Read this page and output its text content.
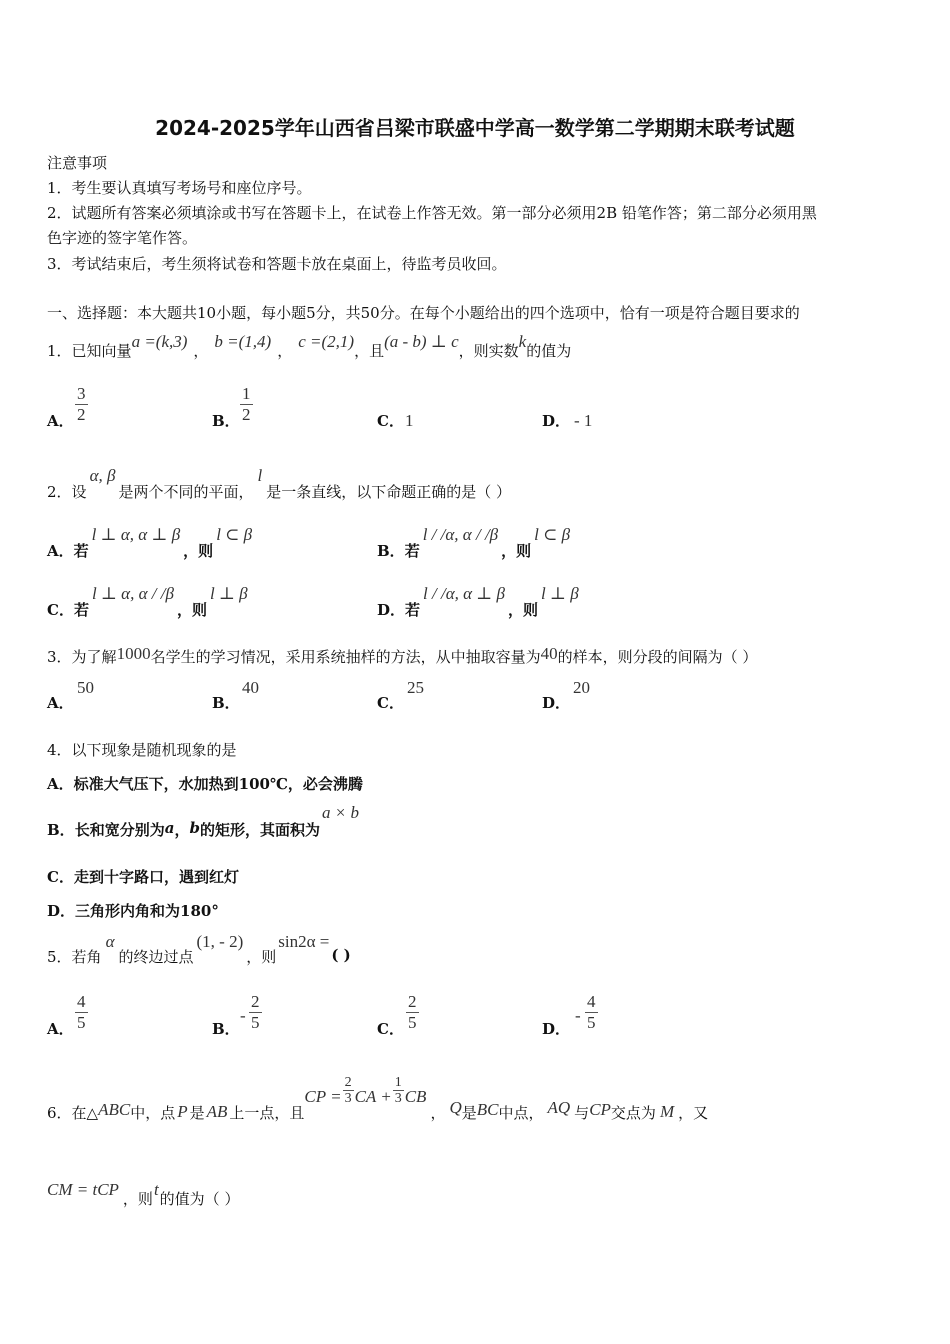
2024-2025学年山西省吕梁市联盛中学高一数学第二学期期末联考试题
注意事项
1．考生要认真填写考场号和座位序号。
2．试题所有答案必须填涂或书写在答题卡上，在试卷上作答无效。第一部分必须用2B 铅笔作答；第二部分必须用黑
色字迹的签字笔作答。
3．考试结束后，考生须将试卷和答题卡放在桌面上，待监考员收回。
一、选择题：本大题共10小题，每小题5分，共50分。在每个小题给出的四个选项中，恰有一项是符合题目要求的
1． 已知向量 a =(k,3) ， b =(1,4) ， c =(2,1) ，且 (a - b) ⊥ c ，则实数 k 的值为
A． $\frac{3}{2}$	B． $\frac{1}{2}$	C． 1	D． - 1
2． 设
α, β
是两个不同的平面，
l
是一条直线，以下命题正确的是（ ）
A． 若
l ⊥ α, α ⊥ β
，则
l ⊂ β
B． 若
l / /α, α / /β
，则
l ⊂ β
C． 若
l ⊥ α, α / /β
，则
l ⊥ β
D． 若
l / /α, α ⊥ β
，则
l ⊥ β
3． 为了解 1000 名学生的学习情况，采用系统抽样的方法，从中抽取容量为 40 的样本，则分段的间隔为（ ）
A．
50
B．
40
C．
25
D．
20
4． 以下现象是随机现象的是
A． 标准大气压下，水加热到100℃，必会沸腾
B． 长和宽分别为 a ， b 的矩形，其面积为
a × b
C． 走到十字路口，遇到红灯
D． 三角形内角和为180°
5． 若角
α
的终边过点
(1, - 2)
，则
sin2α =
( )
A． $\frac{4}{5}$	B．
- $\frac{2}{5}$	C． $\frac{2}{5}$	D．
- $\frac{4}{5}$
6． 在△ ABC 中，点 P 是 AB 上一点，且
CP = $\frac{2}{3}$ CA + $\frac{1}{3}$ CB
， Q 是 BC 中点， AQ 与 CP 交点为 M ，又
CM = tCP ，则 t 的值为（ ）
